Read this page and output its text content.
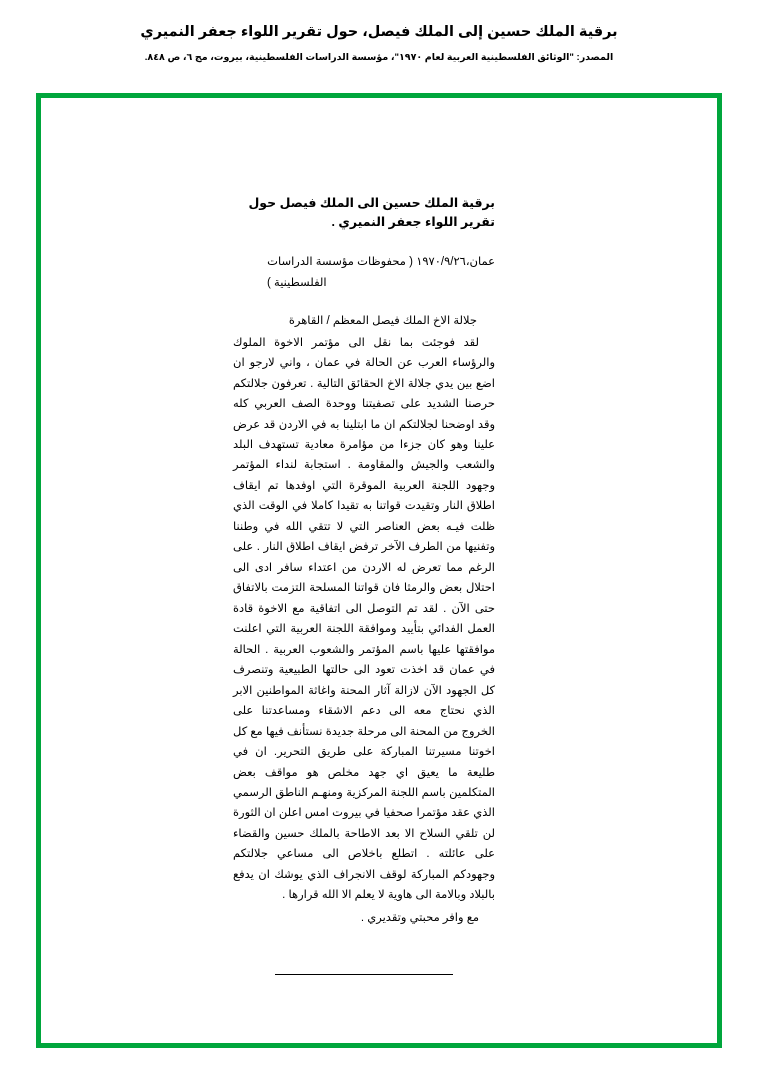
برقية الملك حسين إلى الملك فيصل، حول تقرير اللواء جعفر النميري
المصدر: "الوثائق الفلسطينية العربية لعام ١٩٧٠"، مؤسسة الدراسات الفلسطينية، بيروت، مج ٦، ص ٨٤٨.
برقية الملك حسين الى الملك فيصل حول تقرير اللواء جعفر النميري .
عمان،١٩٧٠/٩/٢٦ ( محفوظات مؤسسة الدراسات
الفلسطينية )
جلالة الاخ الملك فيصل المعظم / القاهرة

لقد فوجئت بما نقل الى مؤتمر الاخوة الملوك والرؤساء العرب عن الحالة في عمان ، واني لارجو ان اضع بين يدي جلالة الاخ الحقائق التالية . تعرفون جلالتكم حرصنا الشديد على تصفيتنا ووحدة الصف العربي كله وقد اوضحنا لجلالتكم ان ما ابتلينا به في الاردن قد عرض علينا وهو كان جزءا من مؤامرة معادية تستهدف البلد والشعب والجيش والمقاومة . استجابة لنداء المؤتمر وجهود اللجنة العربية الموقرة التي اوفدها تم ايقاف اطلاق النار وتقيدت قواتنا به تقيدا كاملا في الوقت الذي ظلت فيـه بعض العناصر التي لا تتقي الله في وطننا وتفنيها من الطرف الآخر ترفض ايقاف اطلاق النار . على الرغم مما تعرض له الاردن من اعتداء سافر ادى الى احتلال بعض والرمثا فان قواتنا المسلحة التزمت بالاتفاق حتى الآن . لقد تم التوصل الى اتفاقية مع الاخوة قادة العمل الفدائي بتأييد وموافقة اللجنة العربية التي اعلنت موافقتها عليها باسم المؤتمر والشعوب العربية . الحالة في عمان قد اخذت تعود الى حالتها الطبيعية وتنصرف كل الجهود الآن لازالة آثار المحنة واغاثة المواطنين الابر الذي نحتاج معه الى دعم الاشقاء ومساعدتنا على الخروج من المحنة الى مرحلة جديدة نستأنف فيها مع كل اخوتنا مسيرتنا المباركة على طريق التحرير. ان في طليعة ما يعيق اي جهد مخلص هو مواقف بعض المتكلمين باسم اللجنة المركزية ومنهـم الناطق الرسمي الذي عقد مؤتمرا صحفيا في بيروت امس اعلن ان الثورة لن تلقي السلاح الا بعد الاطاحة بالملك حسين والقضاء على عائلته . اتطلع باخلاص الى مساعي جلالتكم وجهودكم المباركة لوقف الانجراف الذي يوشك ان يدفع بالبلاد وبالامة الى هاوية لا يعلم الا الله قرارها .

مع وافر محبتي وتقديري .
